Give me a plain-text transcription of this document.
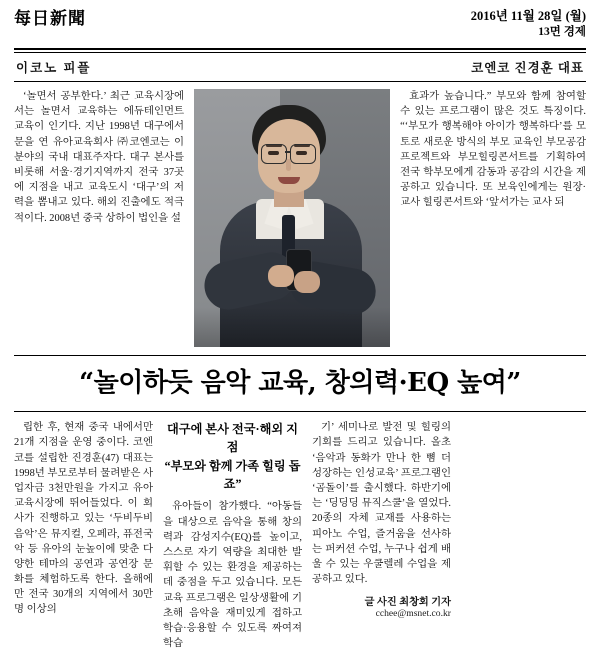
每日新聞	2016년 11월 28일 (월)
13면 경제
이코노 피플	코엔코 진경훈 대표

‘놀면서 공부한다.’ 최근 교육시장에서는 놀면서 교육하는 에듀테인먼트 교육이 인기다. 지난 1998년 대구에서 문을 연 유아교육회사 ㈜코엔코는 이 분야의 국내 대표주자다. 대구 본사를 비롯해 서울·경기지역까지 전국 37곳에 지점을 내고 교육도시 ‘대구’의 저력을 뽐내고 있다. 해외 진출에도 적극적이다. 2008년 중국 상하이 법인을 설

효과가 높습니다.” 부모와 함께 참여할 수 있는 프로그램이 많은 것도 특징이다. “‘부모가 행복해야 아이가 행복하다’를 모토로 새로운 방식의 부모 교육인 부모공감프로젝트와 부모힐링콘서트를 기획하여 전국 학부모에게 감동과 공감의 시간을 제공하고 있습니다. 또 보육인에게는 원장·교사 힐링콘서트와 ‘앞서가는 교사 되

“놀이하듯 음악 교육, 창의력·EQ 높여”

립한 후, 현재 중국 내에서만 21개 지점을 운영 중이다. 코엔코를 설립한 진경훈(47) 대표는 1998년 부모로부터 물려받은 사업자금 3천만원을 가지고 유아교육시장에 뛰어들었다. 이 회사가 진행하고 있는 ‘두비두비 음악’은 뮤지컬, 오페라, 퓨전국악 등 유아의 눈높이에 맞춘 다양한 테마의 공연과 공연장 문화를 체험하도록 한다. 올해에만 전국 30개의 지역에서 30만 명 이상의

대구에 본사 전국·해외 지점
“부모와 함께 가족 힐링 돕죠”

유아들이 참가했다. “아동들을 대상으로 음악을 통해 창의력과 감성지수(EQ)를 높이고, 스스로 자기 역량을 최대한 발휘할 수 있는 환경을 제공하는 데 중점을 두고 있습니다. 모든 교육 프로그램은 일상생활에 기초해 음악을 재미있게 접하고 학습·응용할 수 있도록 짜여져 학습

기’ 세미나로 발전 및 힐링의 기회를 드리고 있습니다. 올초 ‘음악과 동화가 만나 한 뼘 더 성장하는 인성교육’ 프로그램인 ‘곰돌이’를 출시했다. 하반기에는 ‘딩딩딩 뮤직스쿨’을 열었다. 20종의 자체 교재를 사용하는 피아노 수업, 즐거움을 선사하는 퍼커션 수업, 누구나 쉽게 배울 수 있는 우쿨렐레 수업을 제공하고 있다.

글 사진 최창회 기자
cchee@msnet.co.kr
